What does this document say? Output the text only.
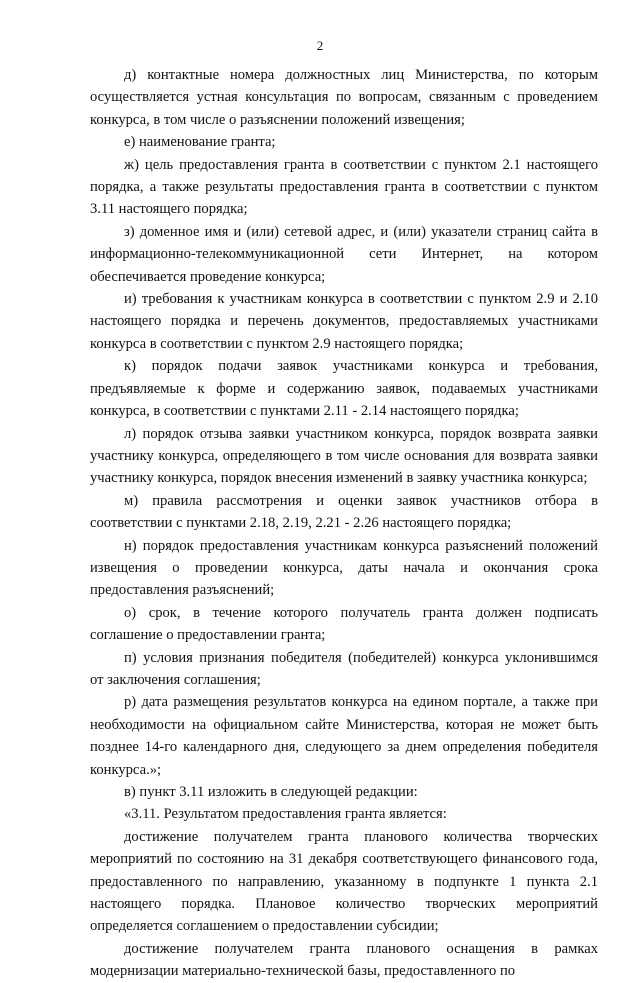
2

д) контактные номера должностных лиц Министерства, по которым осуществляется устная консультация по вопросам, связанным с проведением конкурса, в том числе о разъяснении положений извещения;

е) наименование гранта;

ж) цель предоставления гранта в соответствии с пунктом 2.1 настоящего порядка, а также результаты предоставления гранта в соответствии с пунктом 3.11 настоящего порядка;

з) доменное имя и (или) сетевой адрес, и (или) указатели страниц сайта в информационно-телекоммуникационной сети Интернет, на котором обеспечивается проведение конкурса;

и) требования к участникам конкурса в соответствии с пунктом 2.9 и 2.10 настоящего порядка и перечень документов, предоставляемых участниками конкурса в соответствии с пунктом 2.9 настоящего порядка;

к) порядок подачи заявок участниками конкурса и требования, предъявляемые к форме и содержанию заявок, подаваемых участниками конкурса, в соответствии с пунктами 2.11 - 2.14 настоящего порядка;

л) порядок отзыва заявки участником конкурса, порядок возврата заявки участнику конкурса, определяющего в том числе основания для возврата заявки участнику конкурса, порядок внесения изменений в заявку участника конкурса;

м) правила рассмотрения и оценки заявок участников отбора в соответствии с пунктами 2.18, 2.19, 2.21 - 2.26 настоящего порядка;

н) порядок предоставления участникам конкурса разъяснений положений извещения о проведении конкурса, даты начала и окончания срока предоставления разъяснений;

о) срок, в течение которого получатель гранта должен подписать соглашение о предоставлении гранта;

п) условия признания победителя (победителей) конкурса уклонившимся от заключения соглашения;

р) дата размещения результатов конкурса на едином портале, а также при необходимости на официальном сайте Министерства, которая не может быть позднее 14-го календарного дня, следующего за днем определения победителя конкурса.»;

в) пункт 3.11 изложить в следующей редакции:

«3.11. Результатом предоставления гранта является:

достижение получателем гранта планового количества творческих мероприятий по состоянию на 31 декабря соответствующего финансового года, предоставленного по направлению, указанному в подпункте 1 пункта 2.1 настоящего порядка. Плановое количество творческих мероприятий определяется соглашением о предоставлении субсидии;

достижение получателем гранта планового оснащения в рамках модернизации материально-технической базы, предоставленного по
